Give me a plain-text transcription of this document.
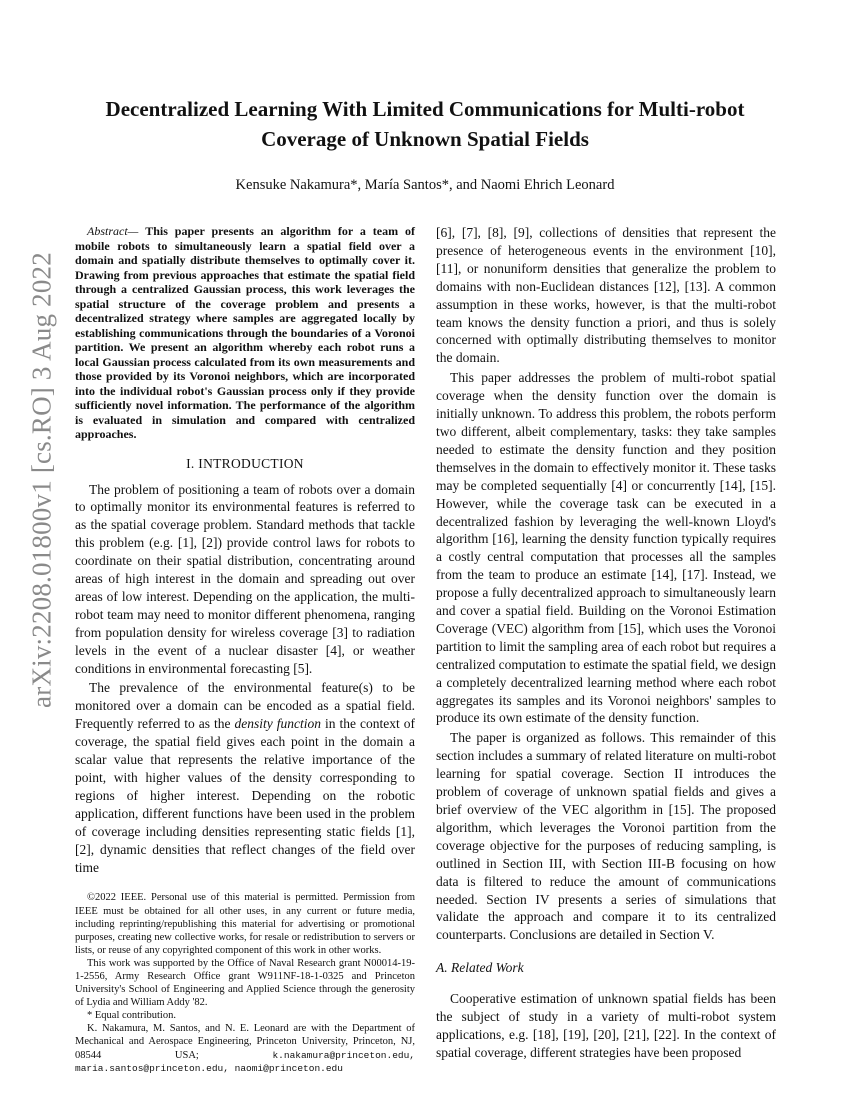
arXiv:2208.01800v1 [cs.RO] 3 Aug 2022
Decentralized Learning With Limited Communications for Multi-robot Coverage of Unknown Spatial Fields
Kensuke Nakamura*, María Santos*, and Naomi Ehrich Leonard

Abstract— This paper presents an algorithm for a team of mobile robots to simultaneously learn a spatial field over a domain and spatially distribute themselves to optimally cover it. Drawing from previous approaches that estimate the spatial field through a centralized Gaussian process, this work leverages the spatial structure of the coverage problem and presents a decentralized strategy where samples are aggregated locally by establishing communications through the boundaries of a Voronoi partition. We present an algorithm whereby each robot runs a local Gaussian process calculated from its own measurements and those provided by its Voronoi neighbors, which are incorporated into the individual robot's Gaussian process only if they provide sufficiently novel information. The performance of the algorithm is evaluated in simulation and compared with centralized approaches.

I. INTRODUCTION

The problem of positioning a team of robots over a domain to optimally monitor its environmental features is referred to as the spatial coverage problem. Standard methods that tackle this problem (e.g. [1], [2]) provide control laws for robots to coordinate on their spatial distribution, concentrating around areas of high interest in the domain and spreading out over areas of low interest. Depending on the application, the multi-robot team may need to monitor different phenomena, ranging from population density for wireless coverage [3] to radiation levels in the event of a nuclear disaster [4], or weather conditions in environmental forecasting [5].

The prevalence of the environmental feature(s) to be monitored over a domain can be encoded as a spatial field. Frequently referred to as the density function in the context of coverage, the spatial field gives each point in the domain a scalar value that represents the relative importance of the point, with higher values of the density corresponding to regions of higher interest. Depending on the robotic application, different functions have been used in the problem of coverage including densities representing static fields [1], [2], dynamic densities that reflect changes of the field over time

©2022 IEEE. Personal use of this material is permitted. Permission from IEEE must be obtained for all other uses, in any current or future media, including reprinting/republishing this material for advertising or promotional purposes, creating new collective works, for resale or redistribution to servers or lists, or reuse of any copyrighted component of this work in other works.

This work was supported by the Office of Naval Research grant N00014-19-1-2556, Army Research Office grant W911NF-18-1-0325 and Princeton University's School of Engineering and Applied Science through the generosity of Lydia and William Addy '82.

* Equal contribution.

K. Nakamura, M. Santos, and N. E. Leonard are with the Department of Mechanical and Aerospace Engineering, Princeton University, Princeton, NJ, 08544 USA; k.nakamura@princeton.edu, maria.santos@princeton.edu, naomi@princeton.edu

[6], [7], [8], [9], collections of densities that represent the presence of heterogeneous events in the environment [10], [11], or nonuniform densities that generalize the problem to domains with non-Euclidean distances [12], [13]. A common assumption in these works, however, is that the multi-robot team knows the density function a priori, and thus is solely concerned with optimally distributing themselves to monitor the domain.

This paper addresses the problem of multi-robot spatial coverage when the density function over the domain is initially unknown. To address this problem, the robots perform two different, albeit complementary, tasks: they take samples needed to estimate the density function and they position themselves in the domain to effectively monitor it. These tasks may be completed sequentially [4] or concurrently [14], [15]. However, while the coverage task can be executed in a decentralized fashion by leveraging the well-known Lloyd's algorithm [16], learning the density function typically requires a costly central computation that processes all the samples from the team to produce an estimate [14], [17]. Instead, we propose a fully decentralized approach to simultaneously learn and cover a spatial field. Building on the Voronoi Estimation Coverage (VEC) algorithm from [15], which uses the Voronoi partition to limit the sampling area of each robot but requires a centralized computation to estimate the spatial field, we design a completely decentralized learning method where each robot aggregates its samples and its Voronoi neighbors' samples to produce its own estimate of the density function.

The paper is organized as follows. This remainder of this section includes a summary of related literature on multi-robot learning for spatial coverage. Section II introduces the problem of coverage of unknown spatial fields and gives a brief overview of the VEC algorithm in [15]. The proposed algorithm, which leverages the Voronoi partition from the coverage objective for the purposes of reducing sampling, is outlined in Section III, with Section III-B focusing on how data is filtered to reduce the amount of communications needed. Section IV presents a series of simulations that validate the approach and compare it to its centralized counterparts. Conclusions are detailed in Section V.

A. Related Work

Cooperative estimation of unknown spatial fields has been the subject of study in a variety of multi-robot system applications, e.g. [18], [19], [20], [21], [22]. In the context of spatial coverage, different strategies have been proposed
